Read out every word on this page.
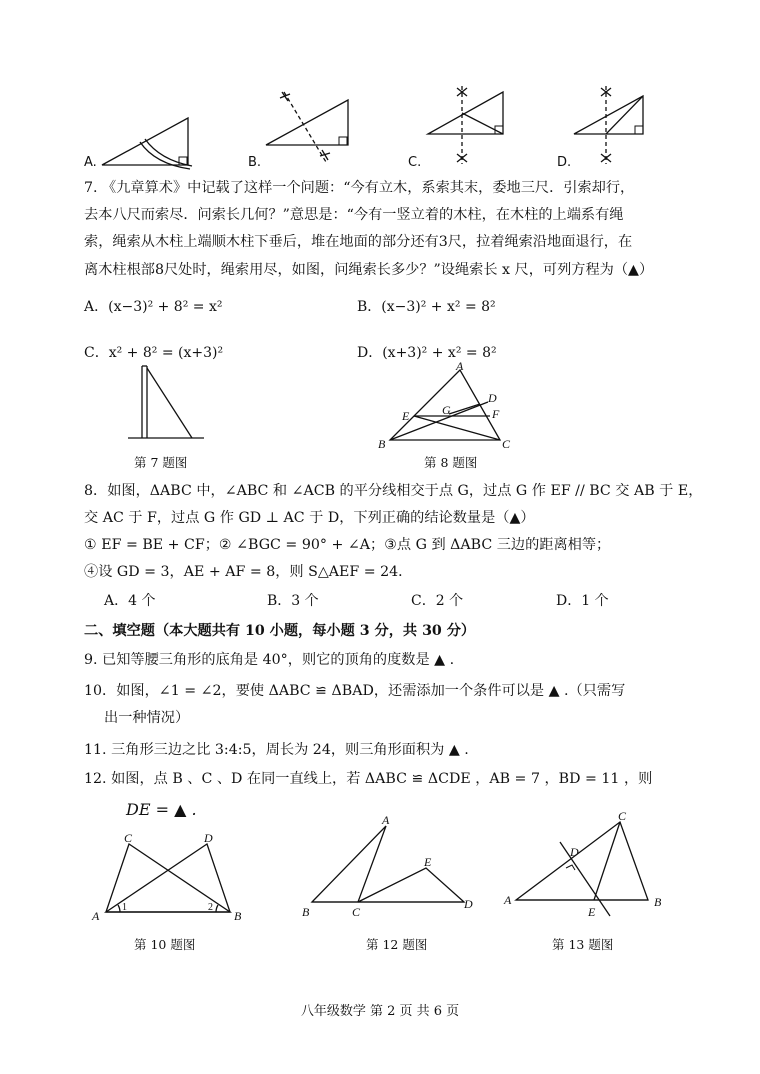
A.	B.	C.	D.
7. 《九章算术》中记载了这样一个问题：“今有立木，系索其末，委地三尺．引索却行，
去本八尺而索尽．问索长几何？”意思是：“今有一竖立着的木柱，在木柱的上端系有绳
索，绳索从木柱上端顺木柱下垂后，堆在地面的部分还有3尺，拉着绳索沿地面退行，在
离木柱根部8尺处时，绳索用尽，如图，问绳索长多少？”设绳索长 x 尺，可列方程为（▲）
A．(x−3)² + 8² = x²	B．(x−3)² + x² = 8²
C．x² + 8² = (x+3)²	D．(x+3)² + x² = 8²
第 7 题图
A
D
E	G	F
B	C
第 8 题图
8．如图，ΔABC 中，∠ABC 和 ∠ACB 的平分线相交于点 G，过点 G 作 EF // BC 交 AB 于 E，
交 AC 于 F，过点 G 作 GD ⊥ AC 于 D，下列正确的结论数量是（▲）
① EF = BE + CF；② ∠BGC = 90° + ∠A；③点 G 到 ΔABC 三边的距离相等；
④设 GD = 3，AE + AF = 8，则 S△AEF = 24．
A．4 个	B．3 个	C．2 个	D．1 个
二、填空题（本大题共有 10 小题，每小题 3 分，共 30 分）
9. 已知等腰三角形的底角是 40°，则它的顶角的度数是 ▲ .
10．如图，∠1 = ∠2，要使 ΔABC ≌ ΔBAD，还需添加一个条件可以是 ▲ .（只需写
出一种情况）
11. 三角形三边之比 3:4:5，周长为 24，则三角形面积为 ▲ .
12. 如图，点 B 、C 、D 在同一直线上，若 ΔABC ≌ ΔCDE ，AB = 7 ，BD = 11 ，则
DE = ▲ .
C	D
A
1	2
B
第 10 题图
A
E
B	C
D
第 12 题图
C
D
A
E
B
第 13 题图
八年级数学 第 2 页 共 6 页
